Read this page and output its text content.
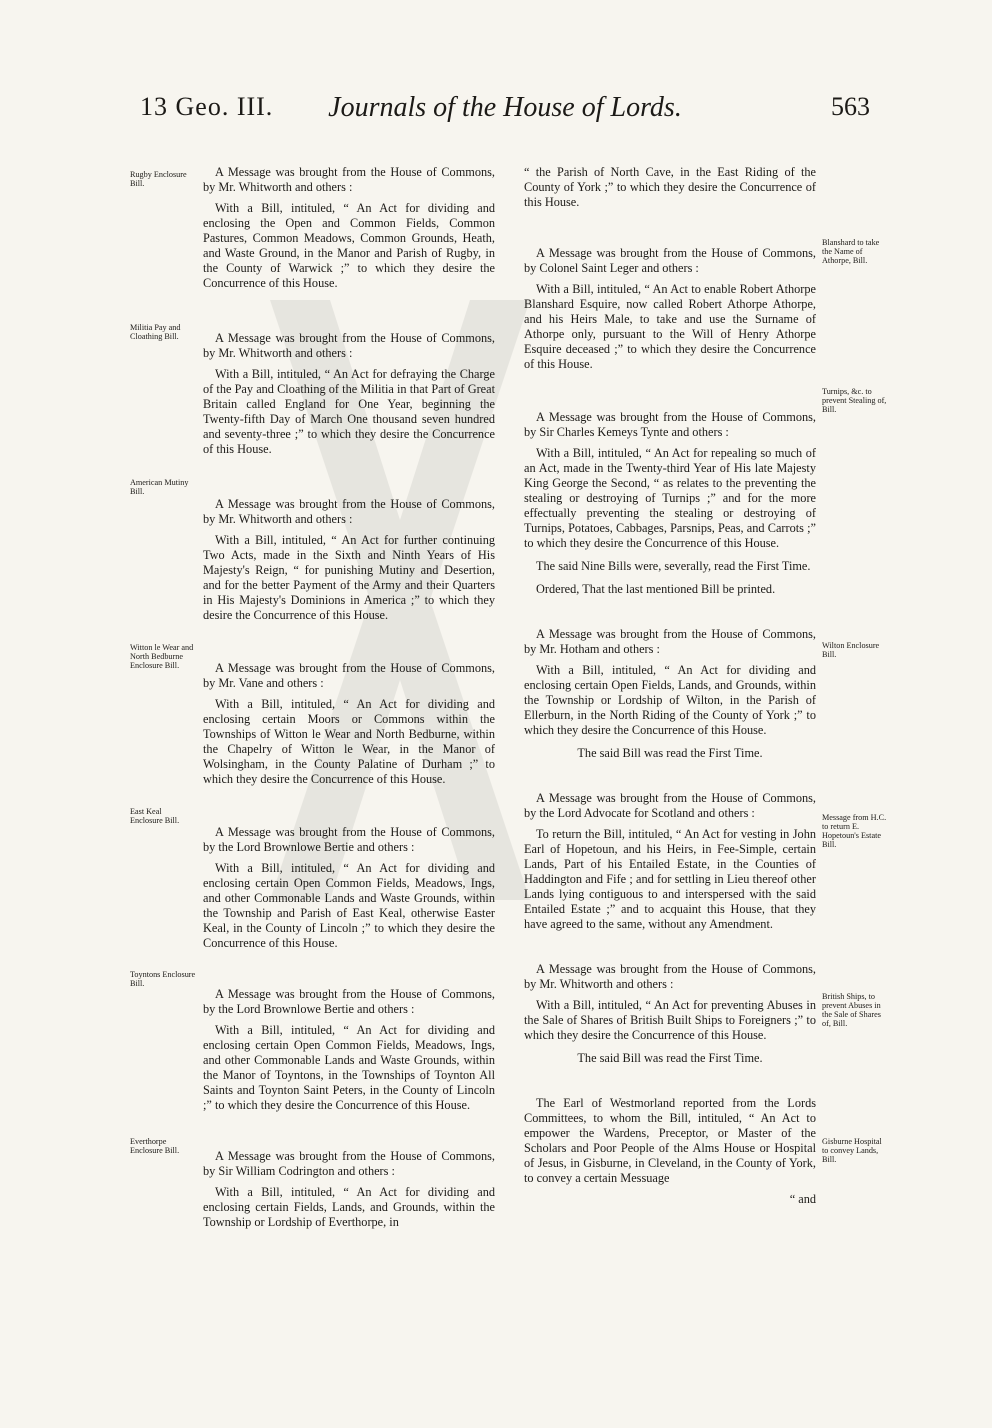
13 Geo. III. Journals of the House of Lords.	563

A Message was brought from the House of Commons, by Mr. Whitworth and others :

With a Bill, intituled, “ An Act for dividing and enclosing the Open and Common Fields, Common Pastures, Common Meadows, Common Grounds, Heath, and Waste Ground, in the Manor and Parish of Rugby, in the County of Warwick ;” to which they desire the Concurrence of this House.

A Message was brought from the House of Commons, by Mr. Whitworth and others :

With a Bill, intituled, “ An Act for defraying the Charge of the Pay and Cloathing of the Militia in that Part of Great Britain called England for One Year, beginning the Twenty-fifth Day of March One thousand seven hundred and seventy-three ;” to which they desire the Concurrence of this House.

A Message was brought from the House of Commons, by Mr. Whitworth and others :

With a Bill, intituled, “ An Act for further continuing Two Acts, made in the Sixth and Ninth Years of His Majesty's Reign, “ for punishing Mutiny and Desertion, and for the better Payment of the Army and their Quarters in His Majesty's Dominions in America ;” to which they desire the Concurrence of this House.

A Message was brought from the House of Commons, by Mr. Vane and others :

With a Bill, intituled, “ An Act for dividing and enclosing certain Moors or Commons within the Townships of Witton le Wear and North Bedburne, within the Chapelry of Witton le Wear, in the Manor of Wolsingham, in the County Palatine of Durham ;” to which they desire the Concurrence of this House.

A Message was brought from the House of Commons, by the Lord Brownlowe Bertie and others :

With a Bill, intituled, “ An Act for dividing and enclosing certain Open Common Fields, Meadows, Ings, and other Commonable Lands and Waste Grounds, within the Township and Parish of East Keal, otherwise Easter Keal, in the County of Lincoln ;” to which they desire the Concurrence of this House.

A Message was brought from the House of Commons, by the Lord Brownlowe Bertie and others :

With a Bill, intituled, “ An Act for dividing and enclosing certain Open Common Fields, Meadows, Ings, and other Commonable Lands and Waste Grounds, within the Manor of Toyntons, in the Townships of Toynton All Saints and Toynton Saint Peters, in the County of Lincoln ;” to which they desire the Concurrence of this House.

A Message was brought from the House of Commons, by Sir William Codrington and others :

With a Bill, intituled, “ An Act for dividing and enclosing certain Fields, Lands, and Grounds, within the Township or Lordship of Everthorpe, in

Rugby Enclosure Bill.
Militia Pay and Cloathing Bill.
American Mutiny Bill.
Witton le Wear and North Bedburne Enclosure Bill.
East Keal Enclosure Bill.
Toyntons Enclosure Bill.
Everthorpe Enclosure Bill.

“ the Parish of North Cave, in the East Riding of the County of York ;” to which they desire the Concurrence of this House.

A Message was brought from the House of Commons, by Colonel Saint Leger and others :

With a Bill, intituled, “ An Act to enable Robert Athorpe Blanshard Esquire, now called Robert Athorpe Athorpe, and his Heirs Male, to take and use the Surname of Athorpe only, pursuant to the Will of Henry Athorpe Esquire deceased ;” to which they desire the Concurrence of this House.

A Message was brought from the House of Commons, by Sir Charles Kemeys Tynte and others :

With a Bill, intituled, “ An Act for repealing so much of an Act, made in the Twenty-third Year of His late Majesty King George the Second, “ as relates to the preventing the stealing or destroying of Turnips ;” and for the more effectually preventing the stealing or destroying of Turnips, Potatoes, Cabbages, Parsnips, Peas, and Carrots ;” to which they desire the Concurrence of this House.

The said Nine Bills were, severally, read the First Time.

Ordered, That the last mentioned Bill be printed.

A Message was brought from the House of Commons, by Mr. Hotham and others :

With a Bill, intituled, “ An Act for dividing and enclosing certain Open Fields, Lands, and Grounds, within the Township or Lordship of Wilton, in the Parish of Ellerburn, in the North Riding of the County of York ;” to which they desire the Concurrence of this House.

The said Bill was read the First Time.

A Message was brought from the House of Commons, by the Lord Advocate for Scotland and others :

To return the Bill, intituled, “ An Act for vesting in John Earl of Hopetoun, and his Heirs, in Fee-Simple, certain Lands, Part of his Entailed Estate, in the Counties of Haddington and Fife ; and for settling in Lieu thereof other Lands lying contiguous to and interspersed with the said Entailed Estate ;” and to acquaint this House, that they have agreed to the same, without any Amendment.

A Message was brought from the House of Commons, by Mr. Whitworth and others :

With a Bill, intituled, “ An Act for preventing Abuses in the Sale of Shares of British Built Ships to Foreigners ;” to which they desire the Concurrence of this House.

The said Bill was read the First Time.

The Earl of Westmorland reported from the Lords Committees, to whom the Bill, intituled, “ An Act to empower the Wardens, Preceptor, or Master of the Scholars and Poor People of the Alms House or Hospital of Jesus, in Gisburne, in Cleveland, in the County of York, to convey a certain Messuage

“ and

Blanshard to take the Name of Athorpe, Bill.
Turnips, &c. to prevent Stealing of, Bill.
Wilton Enclosure Bill.
Message from H.C. to return E. Hopetoun's Estate Bill.
British Ships, to prevent Abuses in the Sale of Shares of, Bill.
Gisburne Hospital to convey Lands, Bill.
